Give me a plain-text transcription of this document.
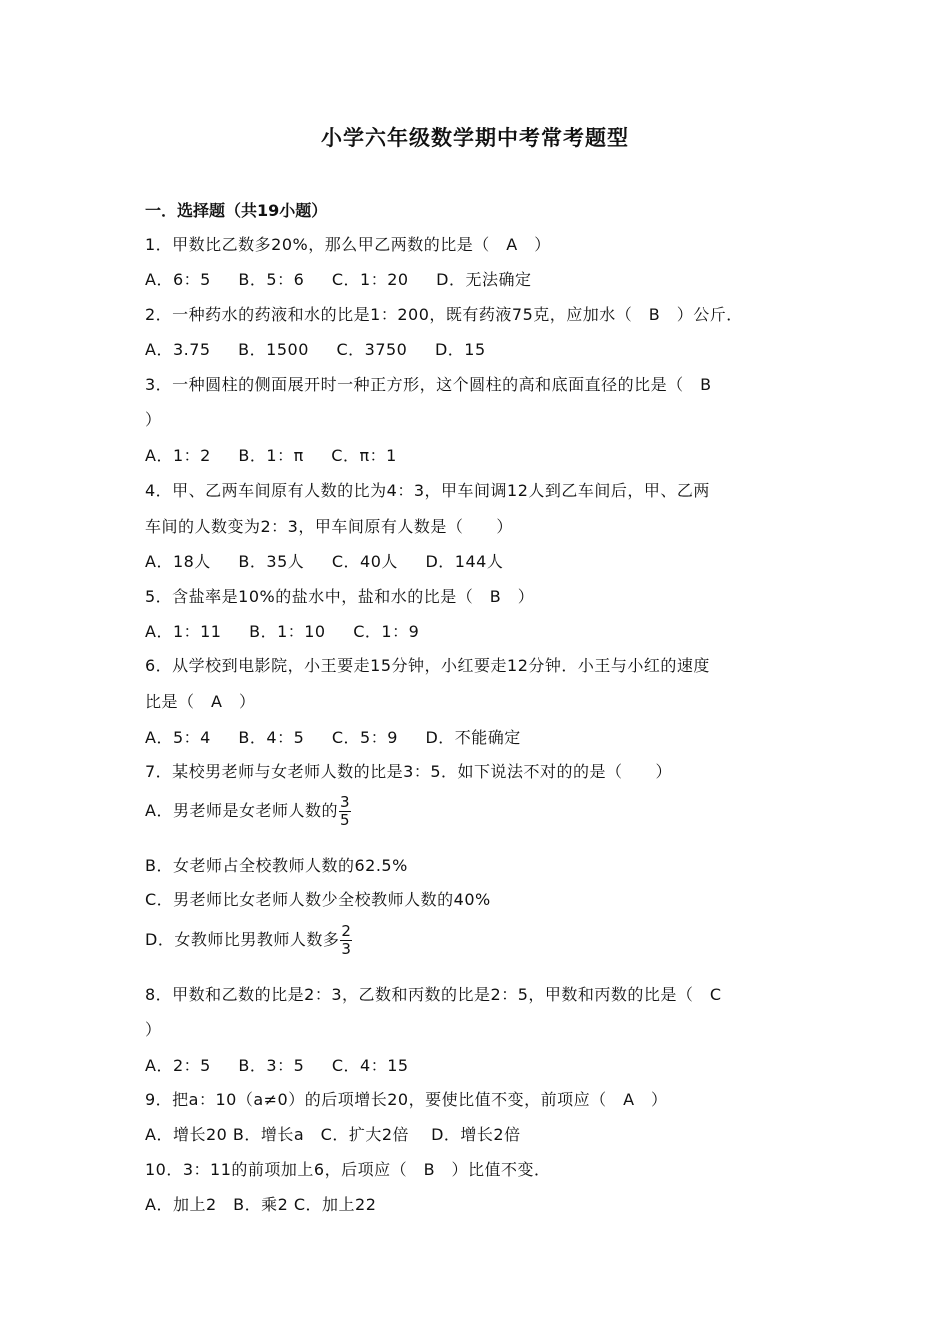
小学六年级数学期中考常考题型
一．选择题（共19小题）
1．甲数比乙数多20%，那么甲乙两数的比是（　A　）
A．6：5 B．5：6 C．1：20 D．无法确定
2．一种药水的药液和水的比是1：200，既有药液75克，应加水（　B　）公斤．
A．3.75 B．1500 C．3750 D．15
3．一种圆柱的侧面展开时一种正方形，这个圆柱的高和底面直径的比是（　B
）
A．1：2 B．1：π C．π：1
4．甲、乙两车间原有人数的比为4：3，甲车间调12人到乙车间后，甲、乙两
车间的人数变为2：3，甲车间原有人数是（　　）
A．18人 B．35人 C．40人 D．144人
5．含盐率是10%的盐水中，盐和水的比是（　B　）
A．1：11 B．1：10 C．1：9
6．从学校到电影院，小王要走15分钟，小红要走12分钟．小王与小红的速度
比是（　A　）
A．5：4 B．4：5 C．5：9 D．不能确定
7．某校男老师与女老师人数的比是3：5．如下说法不对的的是（　　）
A．男老师是女老师人数的 $\frac{3}{5}$
B．女老师占全校教师人数的62.5%
C．男老师比女老师人数少全校教师人数的40%
D．女教师比男教师人数多 $\frac{2}{3}$
8．甲数和乙数的比是2：3，乙数和丙数的比是2：5，甲数和丙数的比是（　C
）
A．2：5 B．3：5 C．4：15
9．把a：10（a≠0）的后项增长20，要使比值不变，前项应（　A　）
A．增长20 B．增长a　C．扩大2倍　 D．增长2倍
10．3：11的前项加上6，后项应（　B　）比值不变．
A．加上2　B．乘2 C．加上22
